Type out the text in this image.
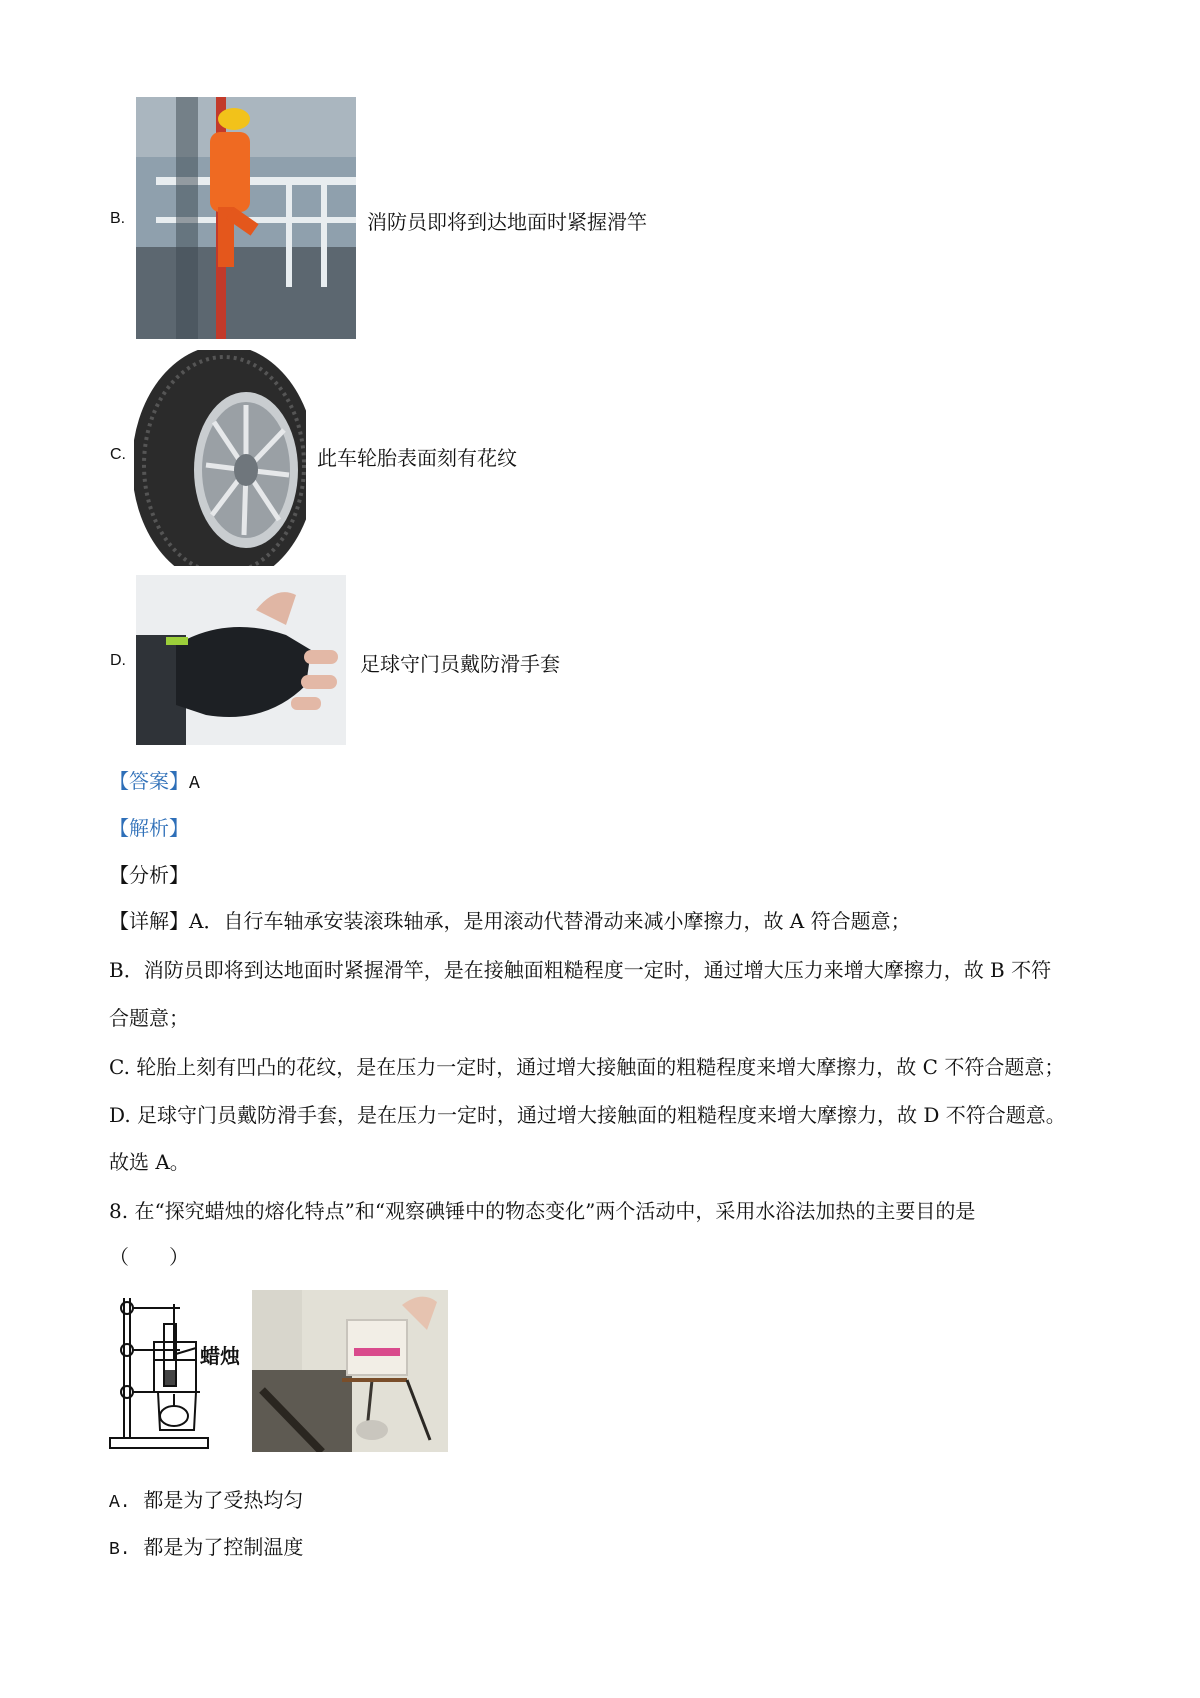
B.	消防员即将到达地面时紧握滑竿
C.	此车轮胎表面刻有花纹
D.	足球守门员戴防滑手套
【答案】A
【解析】
【分析】
【详解】A．自行车轴承安装滚珠轴承，是用滚动代替滑动来减小摩擦力，故 A 符合题意；
B．消防员即将到达地面时紧握滑竿，是在接触面粗糙程度一定时，通过增大压力来增大摩擦力，故 B 不符
合题意；
C. 轮胎上刻有凹凸的花纹，是在压力一定时，通过增大接触面的粗糙程度来增大摩擦力，故 C 不符合题意；
D. 足球守门员戴防滑手套，是在压力一定时，通过增大接触面的粗糙程度来增大摩擦力，故 D 不符合题意。
故选 A。
8. 在“探究蜡烛的熔化特点”和“观察碘锤中的物态变化”两个活动中，采用水浴法加热的主要目的是
（　　）
蜡烛
A. 都是为了受热均匀
B. 都是为了控制温度
